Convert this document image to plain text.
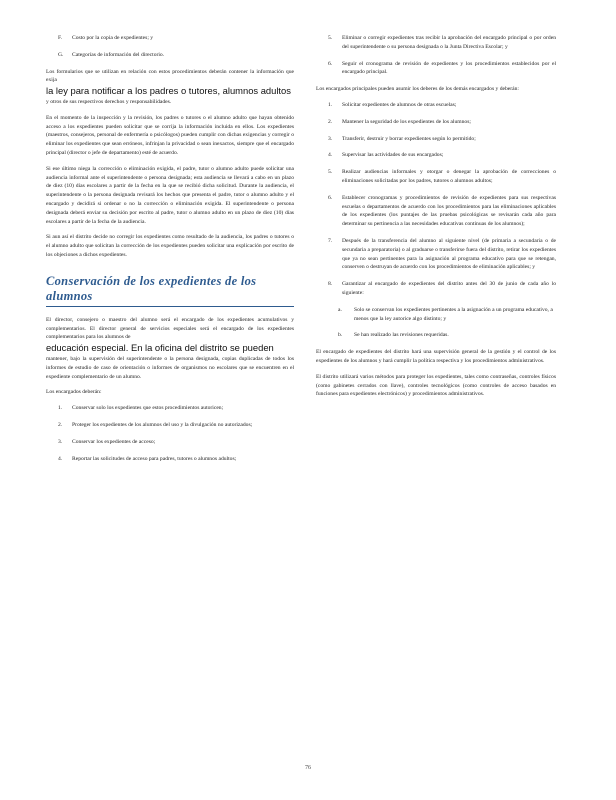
F. Costo por la copia de expedientes; y
G. Categorías de información del directorio.

Los formularios que se utilizan en relación con estos procedimientos deberán contener la información que exija
la ley para notificar a los padres o tutores, alumnos adultos
y otros de sus respectivos derechos y responsabilidades.

En el momento de la inspección y la revisión, los padres o tutores o el alumno adulto que hayan obtenido acceso a los expedientes pueden solicitar que se corrija la información incluida en ellos. Los expedientes (maestros, consejeros, personal de enfermería o psicólogos) pueden cumplir con dichas exigencias y corregir o eliminar los expedientes que sean erróneos, infrinjan la privacidad o sean inexactos, siempre que el encargado principal (director o jefe de departamento) esté de acuerdo.

Si ese último niega la corrección o eliminación exigida, el padre, tutor o alumno adulto puede solicitar una audiencia informal ante el superintendente o persona designada; esta audiencia se llevará a cabo en un plazo de diez (10) días escolares a partir de la fecha en la que se recibió dicha solicitud. Durante la audiencia, el superintendente o la persona designada revisará los hechos que presenta el padre, tutor o alumno adulto y el encargado y decidirá si ordenar o no la corrección o eliminación exigida. El superintendente o persona designada deberá enviar su decisión por escrito al padre, tutor o alumno adulto en un plazo de diez (10) días escolares a partir de la fecha de la audiencia.

Si aun así el distrito decide no corregir los expedientes como resultado de la audiencia, los padres o tutores o el alumno adulto que solicitan la corrección de los expedientes pueden solicitar una explicación por escrito de los objeciones a dichos expedientes.

Conservación de los expedientes de los alumnos

El director, consejero o maestro del alumno será el encargado de los expedientes acumulativos y complementarios. El director general de servicios especiales será el encargado de los expedientes complementarios para los alumnos de
educación especial. En la oficina del distrito se pueden
mantener, bajo la supervisión del superintendente o la persona designada, copias duplicadas de todos los informes de estudio de caso de orientación o informes de organismos no escolares que se encuentren en el expediente complementario de un alumno.

Los encargados deberán:

1. Conservar solo los expedientes que estos procedimientos autoricen;
2. Proteger los expedientes de los alumnos del uso y la divulgación no autorizados;
3. Conservar los expedientes de acceso;
4. Reportar las solicitudes de acceso para padres, tutores o alumnos adultos;
5. Eliminar o corregir expedientes tras recibir la aprobación del encargado principal o por orden del superintendente o su persona designada o la Junta Directiva Escolar; y
6. Seguir el cronograma de revisión de expedientes y los procedimientos establecidos por el encargado principal.

Los encargados principales pueden asumir los deberes de los demás encargados y deberán:

1. Solicitar expedientes de alumnos de otras escuelas;
2. Mantener la seguridad de los expedientes de los alumnos;
3. Transferir, destruir y borrar expedientes según lo permitido;
4. Supervisar las actividades de sus encargados;
5. Realizar audiencias informales y otorgar o denegar la aprobación de correcciones o eliminaciones solicitadas por los padres, tutores o alumnos adultos;
6. Establecer cronogramas y procedimientos de revisión de expedientes para sus respectivas escuelas o departamentos de acuerdo con los procedimientos para las eliminaciones aplicables de los expedientes (los puntajes de las pruebas psicológicas se revisarán cada año para determinar su pertinencia a las necesidades educativas continuas de los alumnos);
7. Después de la transferencia del alumno al siguiente nivel (de primaria a secundaria o de secundaria a preparatoria) o al graduarse o transferirse fuera del distrito, retirar los expedientes que ya no sean pertinentes para la asignación al programa educativo para que se retengan, conserven o destruyan de acuerdo con los procedimientos de eliminación aplicables; y
8. Garantizar al encargado de expedientes del distrito antes del 30 de junio de cada año lo siguiente:
a. Solo se conservan los expedientes pertinentes a la asignación a un programa educativo, a menos que la ley autorice algo distinto; y
b. Se han realizado las revisiones requeridas.

El encargado de expedientes del distrito hará una supervisión general de la gestión y el control de los expedientes de los alumnos y hará cumplir la política respectiva y los procedimientos administrativos.

El distrito utilizará varios métodos para proteger los expedientes, tales como contraseñas, controles físicos (como gabinetes cerrados con llave), controles tecnológicos (como controles de acceso basados en funciones para expedientes electrónicos) y procedimientos administrativos.

76
